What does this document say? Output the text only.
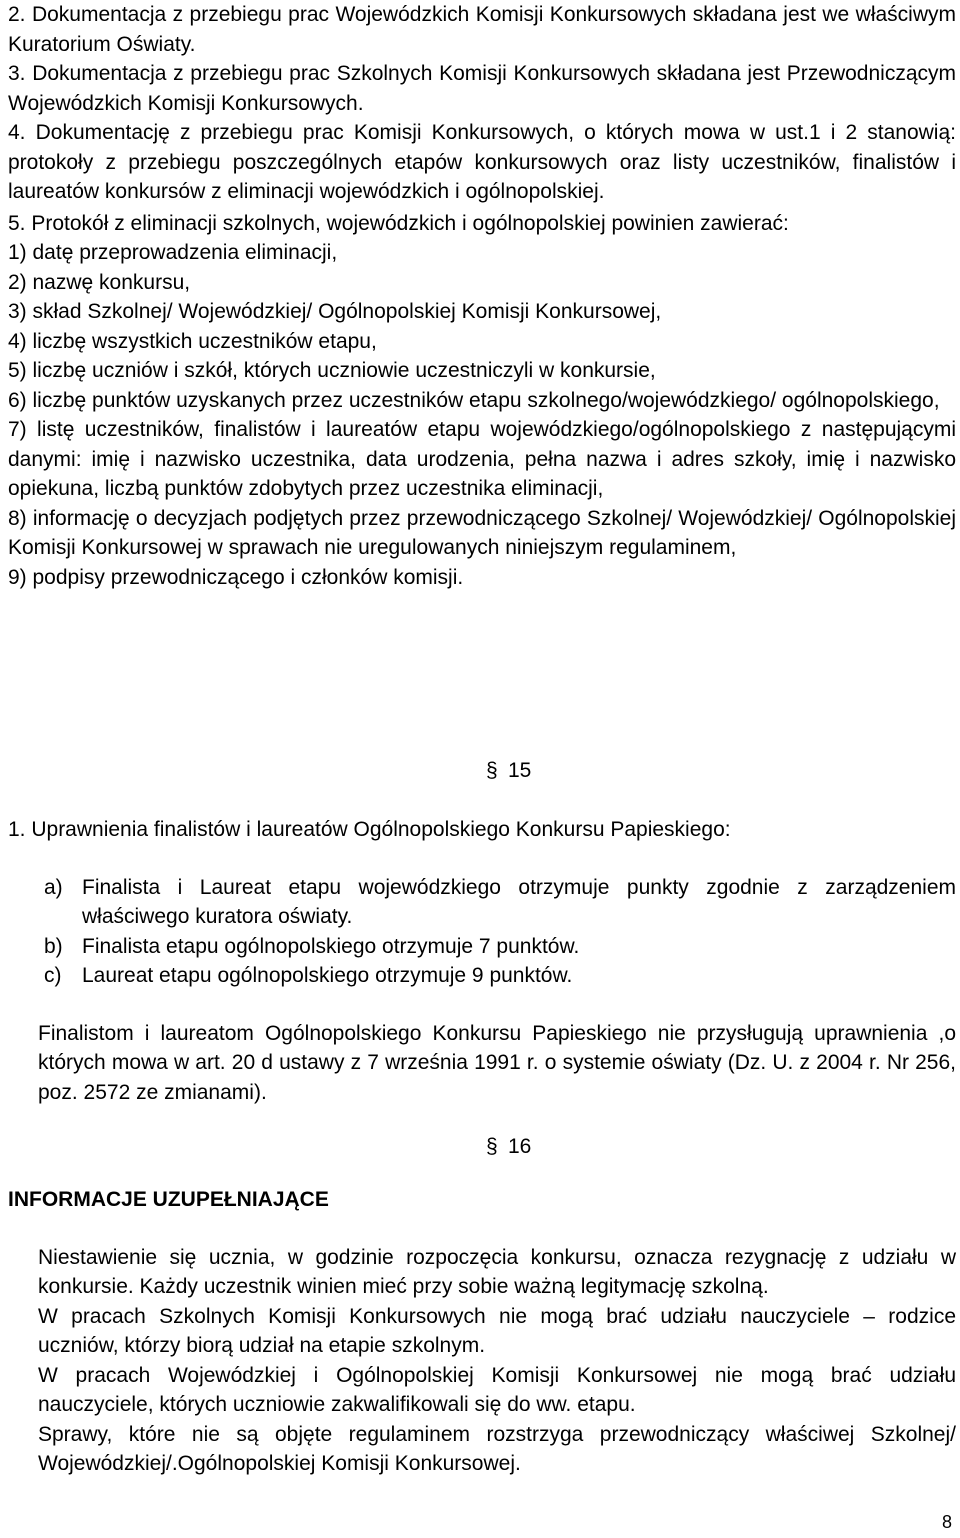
2. Dokumentacja z przebiegu prac Wojewódzkich Komisji Konkursowych składana jest we właściwym Kuratorium Oświaty.

3. Dokumentacja z przebiegu prac Szkolnych Komisji Konkursowych składana jest Przewodniczącym Wojewódzkich Komisji Konkursowych.

4. Dokumentację z przebiegu prac Komisji Konkursowych, o których mowa w ust.1 i 2 stanowią: protokoły z przebiegu poszczególnych etapów konkursowych oraz listy uczestników, finalistów i laureatów konkursów z eliminacji wojewódzkich i ogólnopolskiej.

5. Protokół z eliminacji szkolnych, wojewódzkich i ogólnopolskiej powinien zawierać:

1) datę przeprowadzenia eliminacji,

2) nazwę konkursu,

3) skład Szkolnej/ Wojewódzkiej/ Ogólnopolskiej Komisji Konkursowej,

4) liczbę wszystkich uczestników etapu,

5) liczbę uczniów i szkół, których uczniowie uczestniczyli w konkursie,

6) liczbę punktów uzyskanych przez uczestników etapu szkolnego/wojewódzkiego/ ogólnopolskiego,

7) listę uczestników, finalistów i laureatów etapu wojewódzkiego/ogólnopolskiego z następującymi danymi: imię i nazwisko uczestnika, data urodzenia, pełna nazwa i adres szkoły, imię i nazwisko opiekuna, liczbą punktów zdobytych przez uczestnika eliminacji,

8) informację o decyzjach podjętych przez przewodniczącego Szkolnej/ Wojewódzkiej/ Ogólnopolskiej Komisji Konkursowej w sprawach nie uregulowanych niniejszym regulaminem,

9) podpisy przewodniczącego i członków komisji.

§ 15

1. Uprawnienia finalistów i laureatów Ogólnopolskiego Konkursu Papieskiego:

a) Finalista i Laureat etapu wojewódzkiego otrzymuje punkty zgodnie z zarządzeniem właściwego kuratora oświaty.

b) Finalista etapu ogólnopolskiego otrzymuje 7 punktów.

c) Laureat etapu ogólnopolskiego otrzymuje 9 punktów.

Finalistom i laureatom Ogólnopolskiego Konkursu Papieskiego nie przysługują uprawnienia ,o których mowa w art. 20 d ustawy z 7 września 1991 r. o systemie oświaty (Dz. U. z 2004 r. Nr 256, poz. 2572 ze zmianami).

§ 16

INFORMACJE UZUPEŁNIAJĄCE

Niestawienie się ucznia, w godzinie rozpoczęcia konkursu, oznacza rezygnację z udziału w konkursie. Każdy uczestnik winien mieć przy sobie ważną legitymację szkolną.

W pracach Szkolnych Komisji Konkursowych nie mogą brać udziału nauczyciele – rodzice uczniów, którzy biorą udział na etapie szkolnym.

W pracach Wojewódzkiej i Ogólnopolskiej Komisji Konkursowej nie mogą brać udziału nauczyciele, których uczniowie zakwalifikowali się do ww. etapu.

Sprawy, które nie są objęte regulaminem rozstrzyga przewodniczący właściwej Szkolnej/ Wojewódzkiej/.Ogólnopolskiej Komisji Konkursowej.

8
